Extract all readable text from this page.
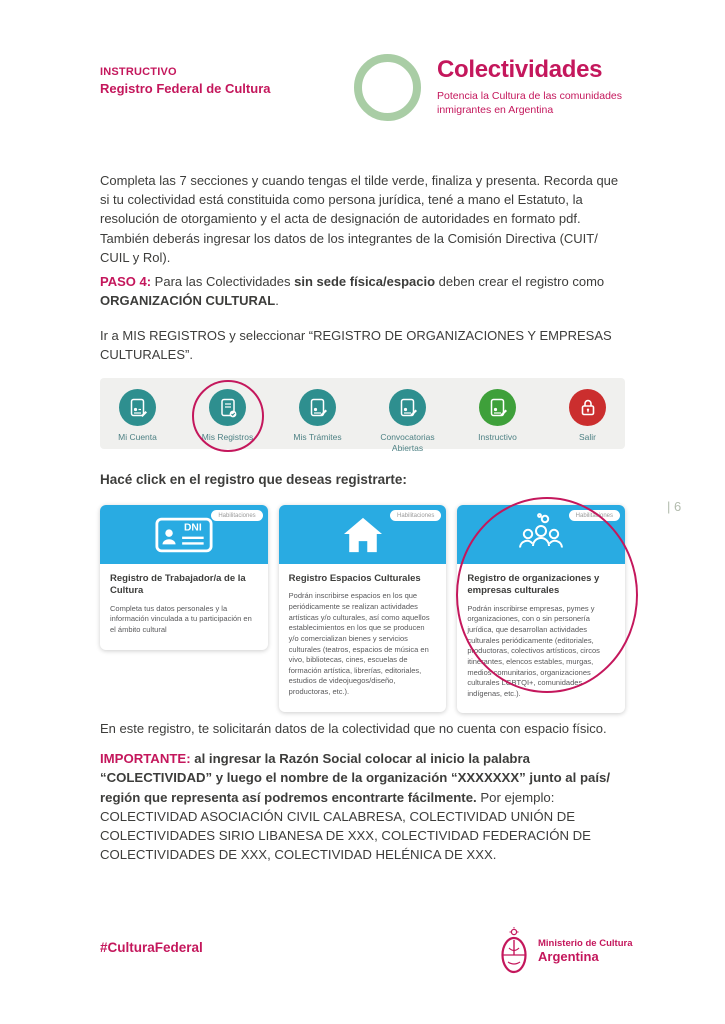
INSTRUCTIVO
Registro Federal de Cultura
Colectividades
Potencia la Cultura de las comunidades inmigrantes en Argentina

Completa las 7 secciones y cuando tengas el tilde verde, finaliza y presenta. Recorda que si tu colectividad está constituida como persona jurídica, tené a mano el Estatuto, la resolución de otorgamiento y el acta de designación de autoridades en formato pdf. También deberás ingresar los datos de los integrantes de la Comisión Directiva (CUIT/ CUIL y Rol).

PASO 4: Para las Colectividades sin sede física/espacio deben crear el registro como ORGANIZACIÓN CULTURAL.

Ir a MIS REGISTROS y seleccionar “REGISTRO DE ORGANIZACIONES Y EMPRESAS CULTURALES”.

Mi Cuenta	Mis Registros	Mis Trámites	Convocatorias Abiertas
Instructivo	Salir
Hacé click en el registro que deseas registrarte:
Habilitaciones
DNI
Registro de Trabajador/a de la Cultura
Completa tus datos personales y la información vinculada a tu participación en el ámbito cultural
Habilitaciones
Registro Espacios Culturales
Podrán inscribirse espacios en los que periódicamente se realizan actividades artísticas y/o culturales, así como aquellos establecimientos en los que se producen y/o comercializan bienes y servicios culturales (teatros, espacios de música en vivo, bibliotecas, cines, escuelas de formación artística, librerías, editoriales, estudios de videojuegos/diseño, productoras, etc.).
Habilitaciones
Registro de organizaciones y empresas culturales
Podrán inscribirse empresas, pymes y organizaciones, con o sin personería jurídica, que desarrollan actividades culturales periódicamente (editoriales, productoras, colectivos artísticos, circos itinerantes, elencos estables, murgas, medios comunitarios, organizaciones culturales LGBTQI+, comunidades indígenas, etc.).
En este registro, te solicitarán datos de la colectividad que no cuenta con espacio físico.

IMPORTANTE: al ingresar la Razón Social colocar al inicio la palabra “COLECTIVIDAD” y luego el nombre de la organización “XXXXXXX” junto al país/ región que representa así podremos encontrarte fácilmente. Por ejemplo: COLECTIVIDAD ASOCIACIÓN CIVIL CALABRESA, COLECTIVIDAD UNIÓN DE COLECTIVIDADES SIRIO LIBANESA DE XXX, COLECTIVIDAD FEDERACIÓN DE COLECTIVIDADES DE XXX, COLECTIVIDAD HELÉNICA DE XXX.

| 6
#CulturaFederal	Ministerio de Cultura
Argentina
